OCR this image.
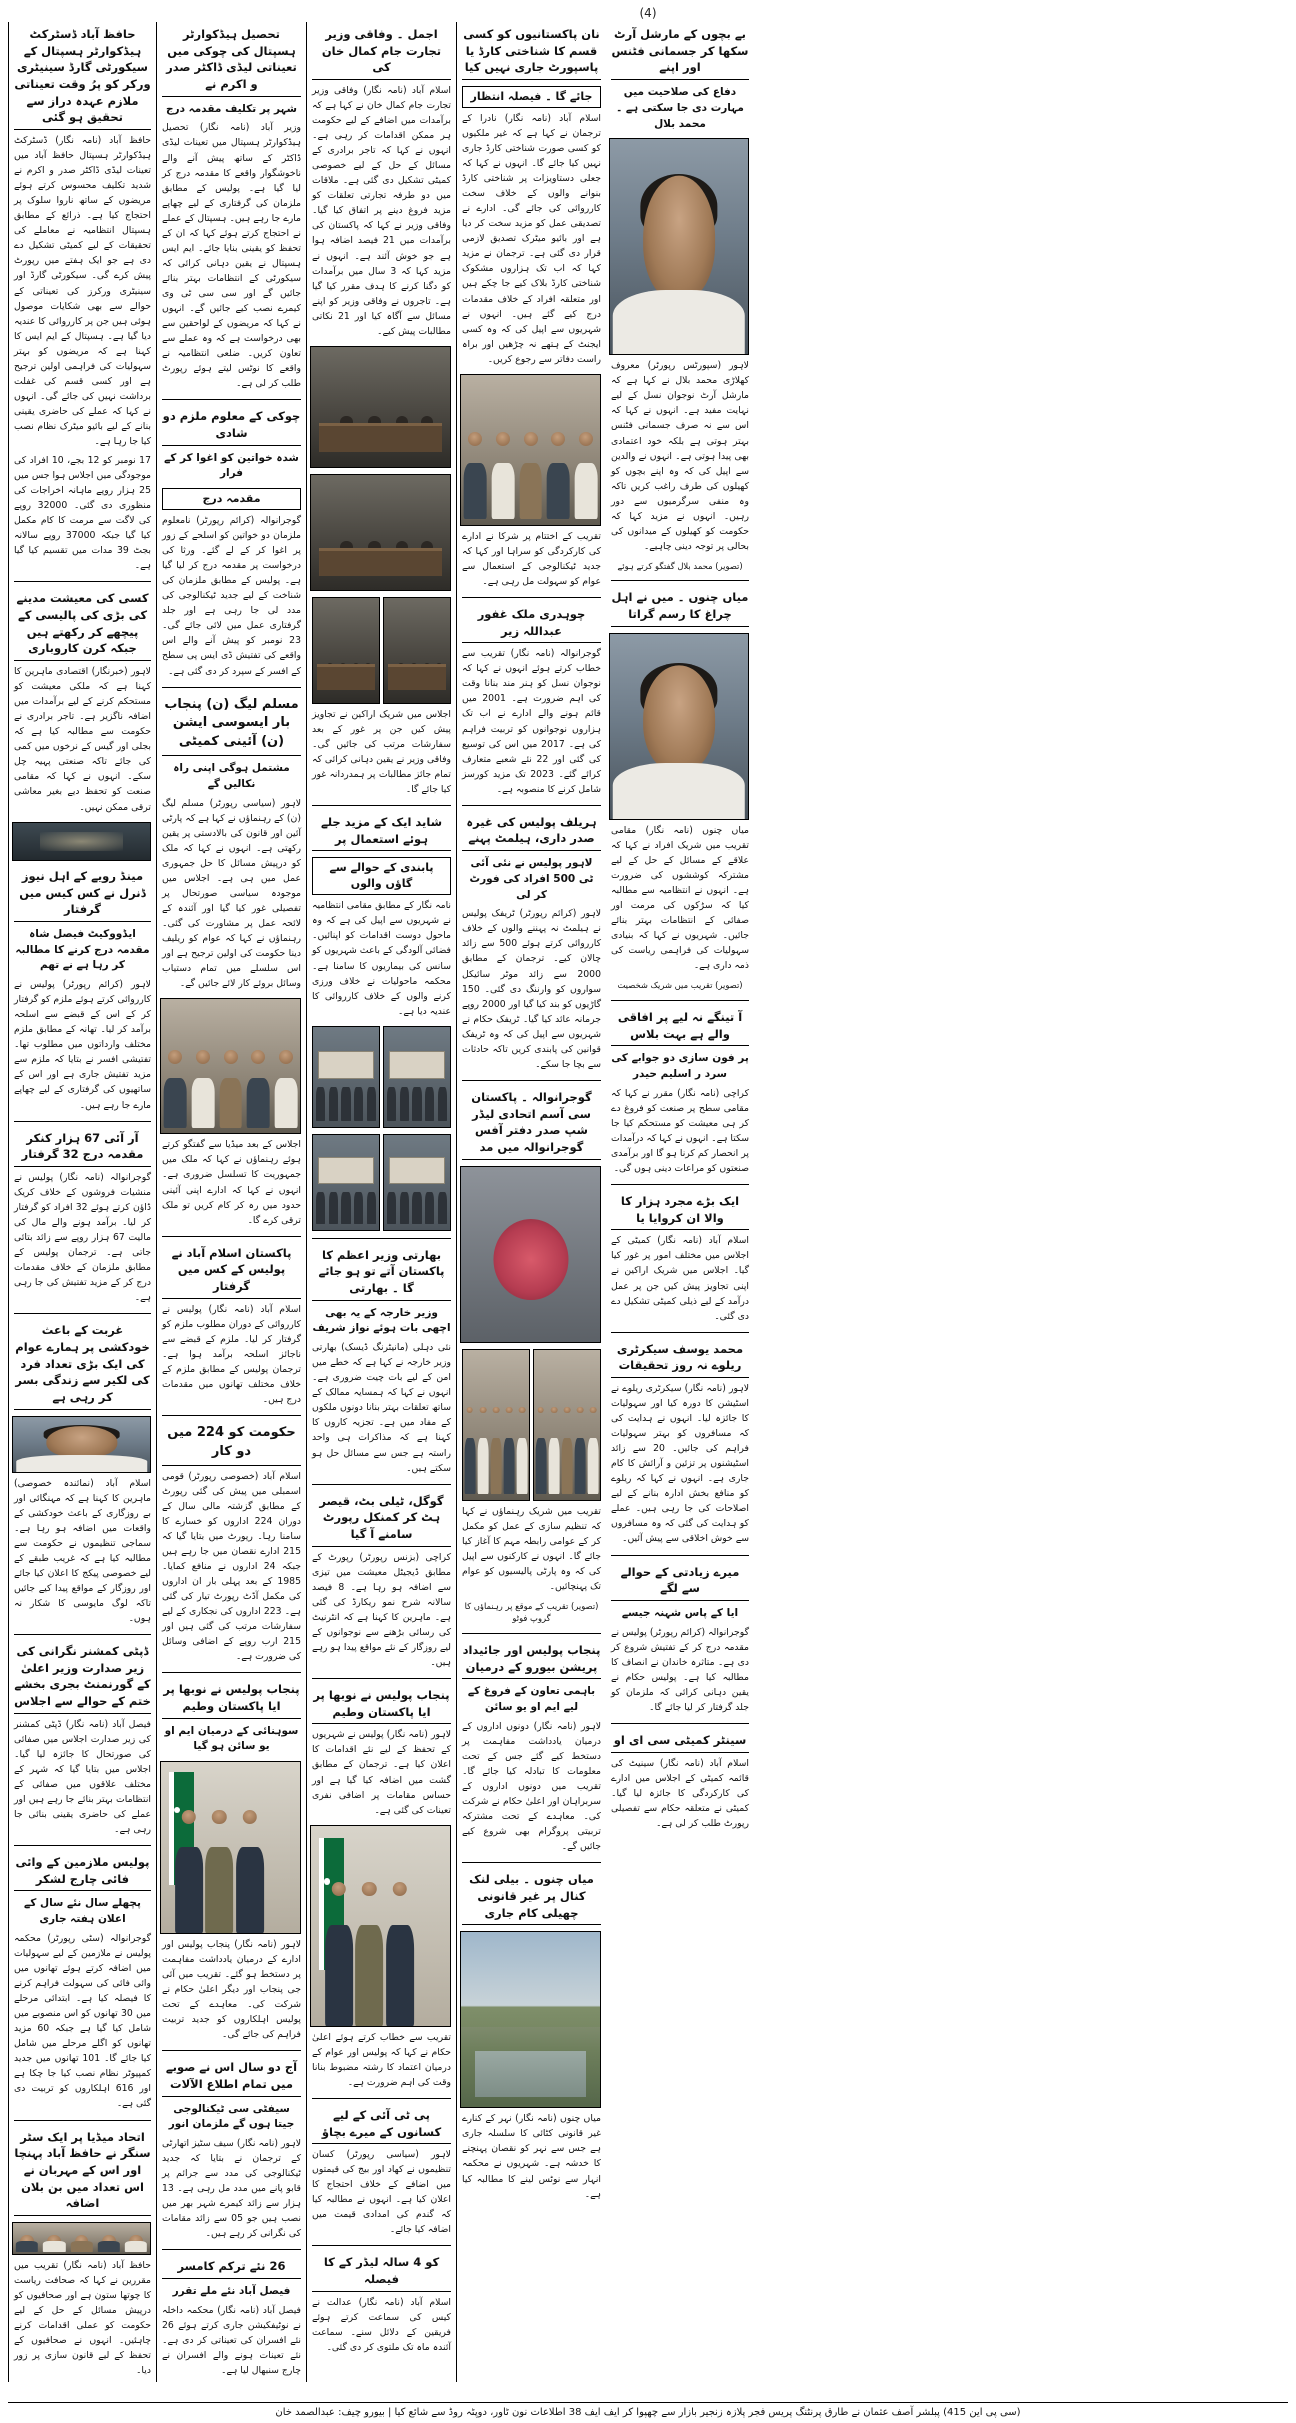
(4)
حافظ آباد ڈسٹرکٹ ہیڈکوارٹر ہسپتال کے سیکورٹی گارڈ سینیٹری ورکر کو پرُ وقت تعیناتی ملازم عہدہ دراز سے تحقیق ہو گئی

حافظ آباد (نامہ نگار) ڈسٹرکٹ ہیڈکوارٹر ہسپتال حافظ آباد میں تعینات لیڈی ڈاکٹر صدر و اکرم نے شدید تکلیف محسوس کرتے ہوئے مریضوں کے ساتھ ناروا سلوک پر احتجاج کیا ہے۔ ذرائع کے مطابق ہسپتال انتظامیہ نے معاملے کی تحقیقات کے لیے کمیٹی تشکیل دے دی ہے جو ایک ہفتے میں رپورٹ پیش کرے گی۔ سیکورٹی گارڈ اور سینیٹری ورکرز کی تعیناتی کے حوالے سے بھی شکایات موصول ہوئی ہیں جن پر کارروائی کا عندیہ دیا گیا ہے۔ ہسپتال کے ایم ایس کا کہنا ہے کہ مریضوں کو بہتر سہولیات کی فراہمی اولین ترجیح ہے اور کسی قسم کی غفلت برداشت نہیں کی جائے گی۔ انہوں نے کہا کہ عملے کی حاضری یقینی بنانے کے لیے بائیو میٹرک نظام نصب کیا جا رہا ہے۔

17 نومبر کو 12 بجے، 10 افراد کی موجودگی میں اجلاس ہوا جس میں 25 ہزار روپے ماہانہ اخراجات کی منظوری دی گئی۔ 32000 روپے کی لاگت سے مرمت کا کام مکمل کیا گیا جبکہ 37000 روپے سالانہ بجٹ 39 مدات میں تقسیم کیا گیا ہے۔

کسی کی معیشت مدینے کی بڑی کی پالیسی کے پیچھے کر رکھتے ہیں جبکہ کرن کاروباری

لاہور (خبرنگار) اقتصادی ماہرین کا کہنا ہے کہ ملکی معیشت کو مستحکم کرنے کے لیے برآمدات میں اضافہ ناگزیر ہے۔ تاجر برادری نے حکومت سے مطالبہ کیا ہے کہ بجلی اور گیس کے نرخوں میں کمی کی جائے تاکہ صنعتی پہیہ چل سکے۔ انہوں نے کہا کہ مقامی صنعت کو تحفظ دیے بغیر معاشی ترقی ممکن نہیں۔

مینڈ رویے کے اہل نیوز ڈنرل نے کس کیس میں گرفتار
ایڈووکیٹ فیصل شاہ مقدمہ درج کرنے کا مطالبہ کر رہا ہے نے تھم

لاہور (کرائم رپورٹر) پولیس نے کارروائی کرتے ہوئے ملزم کو گرفتار کر کے اس کے قبضے سے اسلحہ برآمد کر لیا۔ تھانہ کے مطابق ملزم مختلف وارداتوں میں مطلوب تھا۔ تفتیشی افسر نے بتایا کہ ملزم سے مزید تفتیش جاری ہے اور اس کے ساتھیوں کی گرفتاری کے لیے چھاپے مارے جا رہے ہیں۔

آر آئی 67 ہزار کنکر مقدمہ درج 32 گرفتار

گوجرانوالہ (نامہ نگار) پولیس نے منشیات فروشوں کے خلاف کریک ڈاؤن کرتے ہوئے 32 افراد کو گرفتار کر لیا۔ برآمد ہونے والے مال کی مالیت 67 ہزار روپے سے زائد بتائی جاتی ہے۔ ترجمان پولیس کے مطابق ملزمان کے خلاف مقدمات درج کر کے مزید تفتیش کی جا رہی ہے۔

غربت کے باعث خودکشی پر ہمارے عوام کی ایک بڑی تعداد فرد کی لکیر سے زندگی بسر کر رہی ہے

اسلام آباد (نمائندہ خصوصی) ماہرین کا کہنا ہے کہ مہنگائی اور بے روزگاری کے باعث خودکشی کے واقعات میں اضافہ ہو رہا ہے۔ سماجی تنظیموں نے حکومت سے مطالبہ کیا ہے کہ غریب طبقے کے لیے خصوصی پیکج کا اعلان کیا جائے اور روزگار کے مواقع پیدا کیے جائیں تاکہ لوگ مایوسی کا شکار نہ ہوں۔

ڈپٹی کمشنر نگرانی کی زیر صدارت وزیر اعلیٰ کے گورنمنٹ بجری بخشے ختم کے حوالے سے اجلاس

فیصل آباد (نامہ نگار) ڈپٹی کمشنر کی زیر صدارت اجلاس میں صفائی کی صورتحال کا جائزہ لیا گیا۔ اجلاس میں بتایا گیا کہ شہر کے مختلف علاقوں میں صفائی کے انتظامات بہتر بنائے جا رہے ہیں اور عملے کی حاضری یقینی بنائی جا رہی ہے۔

پولیس ملازمین کے وائی فائی چارج لشکر
پچھلے سال نئے سال کے اعلان ہفتہ جاری

گوجرانوالہ (سٹی رپورٹر) محکمہ پولیس نے ملازمین کے لیے سہولیات میں اضافہ کرتے ہوئے تھانوں میں وائی فائی کی سہولت فراہم کرنے کا فیصلہ کیا ہے۔ ابتدائی مرحلے میں 30 تھانوں کو اس منصوبے میں شامل کیا گیا ہے جبکہ 60 مزید تھانوں کو اگلے مرحلے میں شامل کیا جائے گا۔ 101 تھانوں میں جدید کمپیوٹر نظام نصب کیا جا چکا ہے اور 616 اہلکاروں کو تربیت دی گئی ہے۔

اتحاد میڈیا پر ایک سٹر سنگر نے حافظ آباد پہنچا اور اس کے مہربان نے اس تعداد میں بن بلان اضافہ

حافظ آباد (نامہ نگار) تقریب میں مقررین نے کہا کہ صحافت ریاست کا چوتھا ستون ہے اور صحافیوں کو درپیش مسائل کے حل کے لیے حکومت کو عملی اقدامات کرنے چاہئیں۔ انہوں نے صحافیوں کے تحفظ کے لیے قانون سازی پر زور دیا۔

تحصیل ہیڈکوارٹر ہسپتال کی چوکی میں تعیناتی لیڈی ڈاکٹر صدر و اکرم نے
شہر پر تکلیف مقدمہ درج

وزیر آباد (نامہ نگار) تحصیل ہیڈکوارٹر ہسپتال میں تعینات لیڈی ڈاکٹر کے ساتھ پیش آنے والے ناخوشگوار واقعے کا مقدمہ درج کر لیا گیا ہے۔ پولیس کے مطابق ملزمان کی گرفتاری کے لیے چھاپے مارے جا رہے ہیں۔ ہسپتال کے عملے نے احتجاج کرتے ہوئے کہا کہ ان کے تحفظ کو یقینی بنایا جائے۔ ایم ایس ہسپتال نے یقین دہانی کرائی کہ سیکورٹی کے انتظامات بہتر بنائے جائیں گے اور سی سی ٹی وی کیمرے نصب کیے جائیں گے۔ انہوں نے کہا کہ مریضوں کے لواحقین سے بھی درخواست ہے کہ وہ عملے سے تعاون کریں۔ ضلعی انتظامیہ نے واقعے کا نوٹس لیتے ہوئے رپورٹ طلب کر لی ہے۔

چوکی کے معلوم ملزم دو شادی
شدہ خواتین کو اغوا کر کے فرار
مقدمہ درج

گوجرانوالہ (کرائم رپورٹر) نامعلوم ملزمان دو خواتین کو اسلحے کے زور پر اغوا کر کے لے گئے۔ ورثا کی درخواست پر مقدمہ درج کر لیا گیا ہے۔ پولیس کے مطابق ملزمان کی شناخت کے لیے جدید ٹیکنالوجی کی مدد لی جا رہی ہے اور جلد گرفتاری عمل میں لائی جائے گی۔ 23 نومبر کو پیش آنے والے اس واقعے کی تفتیش ڈی ایس پی سطح کے افسر کے سپرد کر دی گئی ہے۔

مسلم لیگ (ن) پنجاب بار ایسوسی ایشن (ن) آئینی کمیٹی
مشتمل ہوگی اپنی راہ نکالیں گے

لاہور (سیاسی رپورٹر) مسلم لیگ (ن) کے رہنماؤں نے کہا ہے کہ پارٹی آئین اور قانون کی بالادستی پر یقین رکھتی ہے۔ انہوں نے کہا کہ ملک کو درپیش مسائل کا حل جمہوری عمل میں ہی ہے۔ اجلاس میں موجودہ سیاسی صورتحال پر تفصیلی غور کیا گیا اور آئندہ کے لائحہ عمل پر مشاورت کی گئی۔ رہنماؤں نے کہا کہ عوام کو ریلیف دینا حکومت کی اولین ترجیح ہے اور اس سلسلے میں تمام دستیاب وسائل بروئے کار لائے جائیں گے۔

اجلاس کے بعد میڈیا سے گفتگو کرتے ہوئے رہنماؤں نے کہا کہ ملک میں جمہوریت کا تسلسل ضروری ہے۔ انہوں نے کہا کہ ادارے اپنی آئینی حدود میں رہ کر کام کریں تو ملک ترقی کرے گا۔

پاکستان اسلام آباد نے پولیس کے کس میں گرفتار

اسلام آباد (نامہ نگار) پولیس نے کارروائی کے دوران مطلوب ملزم کو گرفتار کر لیا۔ ملزم کے قبضے سے ناجائز اسلحہ برآمد ہوا ہے۔ ترجمان پولیس کے مطابق ملزم کے خلاف مختلف تھانوں میں مقدمات درج ہیں۔

حکومت کو 224 میں دو کار

اسلام آباد (خصوصی رپورٹر) قومی اسمبلی میں پیش کی گئی رپورٹ کے مطابق گزشتہ مالی سال کے دوران 224 اداروں کو خسارے کا سامنا رہا۔ رپورٹ میں بتایا گیا کہ 215 ادارے نقصان میں جا رہے ہیں جبکہ 24 اداروں نے منافع کمایا۔ 1985 کے بعد پہلی بار ان اداروں کی مکمل آڈٹ رپورٹ تیار کی گئی ہے۔ 223 اداروں کی نجکاری کے لیے سفارشات مرتب کی گئی ہیں اور 215 ارب روپے کے اضافی وسائل کی ضرورت ہے۔

پنجاب پولیس نے نوبھا پر ایا پاکستان وطیم
سوہنائی کے درمیان ایم او یو سائن ہو گیا

لاہور (نامہ نگار) پنجاب پولیس اور ادارے کے درمیان یادداشت مفاہمت پر دستخط ہو گئے۔ تقریب میں آئی جی پنجاب اور دیگر اعلیٰ حکام نے شرکت کی۔ معاہدے کے تحت پولیس اہلکاروں کو جدید تربیت فراہم کی جائے گی۔

آج دو سال اس نے صوبے میں تمام اطلاع الآلات
سیفٹی سی ٹیکنالوجی جیتا ہوں گے ملزمان انور

لاہور (نامہ نگار) سیف سٹیز اتھارٹی کے ترجمان نے بتایا کہ جدید ٹیکنالوجی کی مدد سے جرائم پر قابو پانے میں مدد مل رہی ہے۔ 13 ہزار سے زائد کیمرے شہر بھر میں نصب ہیں جو 05 سے زائد مقامات کی نگرانی کر رہے ہیں۔

26 نئے ترکم کامسر
فیصل آباد نئے ملے تقرر

فیصل آباد (نامہ نگار) محکمہ داخلہ نے نوٹیفکیشن جاری کرتے ہوئے 26 نئے افسران کی تعیناتی کر دی ہے۔ نئے تعینات ہونے والے افسران نے چارج سنبھال لیا ہے۔

اجمل ۔ وفاقی وزیر تجارت جام کمال خان کی

اسلام آباد (نامہ نگار) وفاقی وزیر تجارت جام کمال خان نے کہا ہے کہ برآمدات میں اضافے کے لیے حکومت ہر ممکن اقدامات کر رہی ہے۔ انہوں نے کہا کہ تاجر برادری کے مسائل کے حل کے لیے خصوصی کمیٹی تشکیل دی گئی ہے۔ ملاقات میں دو طرفہ تجارتی تعلقات کو مزید فروغ دینے پر اتفاق کیا گیا۔ وفاقی وزیر نے کہا کہ پاکستان کی برآمدات میں 21 فیصد اضافہ ہوا ہے جو خوش آئند ہے۔ انہوں نے مزید کہا کہ 3 سال میں برآمدات کو دگنا کرنے کا ہدف مقرر کیا گیا ہے۔ تاجروں نے وفاقی وزیر کو اپنے مسائل سے آگاہ کیا اور 21 نکاتی مطالبات پیش کیے۔

اجلاس میں شریک اراکین نے تجاویز پیش کیں جن پر غور کے بعد سفارشات مرتب کی جائیں گی۔ وفاقی وزیر نے یقین دہانی کرائی کہ تمام جائز مطالبات پر ہمدردانہ غور کیا جائے گا۔

شاید ایک کے مزید جلے ہوئے استعمال پر
پابندی کے حوالے سے گاؤں والوں

نامہ نگار کے مطابق مقامی انتظامیہ نے شہریوں سے اپیل کی ہے کہ وہ ماحول دوست اقدامات کو اپنائیں۔ فضائی آلودگی کے باعث شہریوں کو سانس کی بیماریوں کا سامنا ہے۔ محکمہ ماحولیات نے خلاف ورزی کرنے والوں کے خلاف کارروائی کا عندیہ دیا ہے۔

بھارتی وزیر اعظم کا پاکستان آتے تو ہو جائے گا ۔ بھارتی
وزیر خارجہ کے یہ بھی اچھی بات ہوئے نواز شریف

نئی دہلی (مانیٹرنگ ڈیسک) بھارتی وزیر خارجہ نے کہا ہے کہ خطے میں امن کے لیے بات چیت ضروری ہے۔ انہوں نے کہا کہ ہمسایہ ممالک کے ساتھ تعلقات بہتر بنانا دونوں ملکوں کے مفاد میں ہے۔ تجزیہ کاروں کا کہنا ہے کہ مذاکرات ہی واحد راستہ ہے جس سے مسائل حل ہو سکتے ہیں۔

گوگل، ٹیلی بٹ، قیصر ہٹ کر کمنکل رپورٹ سامنے آ گیا

کراچی (بزنس رپورٹر) رپورٹ کے مطابق ڈیجیٹل معیشت میں تیزی سے اضافہ ہو رہا ہے۔ 8 فیصد سالانہ شرح نمو ریکارڈ کی گئی ہے۔ ماہرین کا کہنا ہے کہ انٹرنیٹ کی رسائی بڑھنے سے نوجوانوں کے لیے روزگار کے نئے مواقع پیدا ہو رہے ہیں۔

پنجاب پولیس نے نوبھا پر ایا پاکستان وطیم

لاہور (نامہ نگار) پولیس نے شہریوں کے تحفظ کے لیے نئے اقدامات کا اعلان کیا ہے۔ ترجمان کے مطابق گشت میں اضافہ کیا گیا ہے اور حساس مقامات پر اضافی نفری تعینات کی گئی ہے۔

تقریب سے خطاب کرتے ہوئے اعلیٰ حکام نے کہا کہ پولیس اور عوام کے درمیان اعتماد کا رشتہ مضبوط بنانا وقت کی اہم ضرورت ہے۔

پی ٹی آئی کے لیے کسانوں کے میرے بچاؤ

لاہور (سیاسی رپورٹر) کسان تنظیموں نے کھاد اور بیج کی قیمتوں میں اضافے کے خلاف احتجاج کا اعلان کیا ہے۔ انہوں نے مطالبہ کیا کہ گندم کی امدادی قیمت میں اضافہ کیا جائے۔

کو 4 سالہ لیڈر کے کا فیصلہ

اسلام آباد (نامہ نگار) عدالت نے کیس کی سماعت کرتے ہوئے فریقین کے دلائل سنے۔ سماعت آئندہ ماہ تک ملتوی کر دی گئی۔

نان پاکستانیوں کو کسی قسم کا شناختی کارڈ یا پاسپورٹ جاری نہیں کیا
جائے گا ۔ فیصلہ انتظار

اسلام آباد (نامہ نگار) نادرا کے ترجمان نے کہا ہے کہ غیر ملکیوں کو کسی صورت شناختی کارڈ جاری نہیں کیا جائے گا۔ انہوں نے کہا کہ جعلی دستاویزات پر شناختی کارڈ بنوانے والوں کے خلاف سخت کارروائی کی جائے گی۔ ادارے نے تصدیقی عمل کو مزید سخت کر دیا ہے اور بائیو میٹرک تصدیق لازمی قرار دی گئی ہے۔ ترجمان نے مزید کہا کہ اب تک ہزاروں مشکوک شناختی کارڈ بلاک کیے جا چکے ہیں اور متعلقہ افراد کے خلاف مقدمات درج کیے گئے ہیں۔ انہوں نے شہریوں سے اپیل کی کہ وہ کسی ایجنٹ کے ہتھے نہ چڑھیں اور براہ راست دفاتر سے رجوع کریں۔

تقریب کے اختتام پر شرکا نے ادارے کی کارکردگی کو سراہا اور کہا کہ جدید ٹیکنالوجی کے استعمال سے عوام کو سہولت مل رہی ہے۔

چوہدری ملک غفور عبداللہ زیر

گوجرانوالہ (نامہ نگار) تقریب سے خطاب کرتے ہوئے انہوں نے کہا کہ نوجوان نسل کو ہنر مند بنانا وقت کی اہم ضرورت ہے۔ 2001 میں قائم ہونے والے ادارے نے اب تک ہزاروں نوجوانوں کو تربیت فراہم کی ہے۔ 2017 میں اس کی توسیع کی گئی اور 22 نئے شعبے متعارف کرائے گئے۔ 2023 تک مزید کورسز شامل کرنے کا منصوبہ ہے۔

ہریلف پولیس کی غیرہ صدر داری، ہیلمٹ پہنے
لاہور پولیس نے نئی آئی ٹی 500 افراد کی فورٹ کر لی

لاہور (کرائم رپورٹر) ٹریفک پولیس نے ہیلمٹ نہ پہننے والوں کے خلاف کارروائی کرتے ہوئے 500 سے زائد چالان کیے۔ ترجمان کے مطابق 2000 سے زائد موٹر سائیکل سواروں کو وارننگ دی گئی۔ 150 گاڑیوں کو بند کیا گیا اور 2000 روپے جرمانہ عائد کیا گیا۔ ٹریفک حکام نے شہریوں سے اپیل کی کہ وہ ٹریفک قوانین کی پابندی کریں تاکہ حادثات سے بچا جا سکے۔

گوجرانوالہ ۔ پاکستان سی آسم اتحادی لیڈر شپ صدر دفتر آفس گوجرانوالہ میں مد

تقریب میں شریک رہنماؤں نے کہا کہ تنظیم سازی کے عمل کو مکمل کر کے عوامی رابطہ مہم کا آغاز کیا جائے گا۔ انہوں نے کارکنوں سے اپیل کی کہ وہ پارٹی پالیسیوں کو عوام تک پہنچائیں۔

(تصویر) تقریب کے موقع پر رہنماؤں کا گروپ فوٹو
پنجاب پولیس اور جائیداد پریشن بیورو کے درمیان
باہمی تعاون کے فروغ کے لیے ایم او یو سائن

لاہور (نامہ نگار) دونوں اداروں کے درمیان یادداشت مفاہمت پر دستخط کیے گئے جس کے تحت معلومات کا تبادلہ کیا جائے گا۔ تقریب میں دونوں اداروں کے سربراہان اور اعلیٰ حکام نے شرکت کی۔ معاہدے کے تحت مشترکہ تربیتی پروگرام بھی شروع کیے جائیں گے۔

میاں چنوں ۔ بیلی لنک کنال پر غیر قانونی چھیلی کام جاری

میاں چنوں (نامہ نگار) نہر کے کنارے غیر قانونی کٹائی کا سلسلہ جاری ہے جس سے نہر کو نقصان پہنچنے کا خدشہ ہے۔ شہریوں نے محکمہ انہار سے نوٹس لینے کا مطالبہ کیا ہے۔

بے بچوں کے مارشل آرٹ سکھا کر جسمانی فٹنس اور اپنے
دفاع کی صلاحیت میں مہارت دی جا سکتی ہے ۔ محمد بلال

لاہور (سپورٹس رپورٹر) معروف کھلاڑی محمد بلال نے کہا ہے کہ مارشل آرٹ نوجوان نسل کے لیے نہایت مفید ہے۔ انہوں نے کہا کہ اس سے نہ صرف جسمانی فٹنس بہتر ہوتی ہے بلکہ خود اعتمادی بھی پیدا ہوتی ہے۔ انہوں نے والدین سے اپیل کی کہ وہ اپنے بچوں کو کھیلوں کی طرف راغب کریں تاکہ وہ منفی سرگرمیوں سے دور رہیں۔ انہوں نے مزید کہا کہ حکومت کو کھیلوں کے میدانوں کی بحالی پر توجہ دینی چاہیے۔

(تصویر) محمد بلال گفتگو کرتے ہوئے
میاں چنوں ۔ میں نے اہل چراغ کا رسم گراتا

میاں چنوں (نامہ نگار) مقامی تقریب میں شریک افراد نے کہا کہ علاقے کے مسائل کے حل کے لیے مشترکہ کوششوں کی ضرورت ہے۔ انہوں نے انتظامیہ سے مطالبہ کیا کہ سڑکوں کی مرمت اور صفائی کے انتظامات بہتر بنائے جائیں۔ شہریوں نے کہا کہ بنیادی سہولیات کی فراہمی ریاست کی ذمہ داری ہے۔

(تصویر) تقریب میں شریک شخصیت
آ تینگے نہ لیے پر افاقی والے ہے بہت بلاس
پر فون سازی دو جوابے کی سرد ر اسلیم حیدر

کراچی (نامہ نگار) مقرر نے کہا کہ مقامی سطح پر صنعت کو فروغ دے کر ہی معیشت کو مستحکم کیا جا سکتا ہے۔ انہوں نے کہا کہ درآمدات پر انحصار کم کرنا ہو گا اور برآمدی صنعتوں کو مراعات دینی ہوں گی۔

ایک بڑے مجرد ہزار کا والا ان کروایا یا

اسلام آباد (نامہ نگار) کمیٹی کے اجلاس میں مختلف امور پر غور کیا گیا۔ اجلاس میں شریک اراکین نے اپنی تجاویز پیش کیں جن پر عمل درآمد کے لیے ذیلی کمیٹی تشکیل دے دی گئی۔

محمد یوسف سیکرٹری ریلوے نہ روز تحقیقات

لاہور (نامہ نگار) سیکرٹری ریلوے نے اسٹیشن کا دورہ کیا اور سہولیات کا جائزہ لیا۔ انہوں نے ہدایت کی کہ مسافروں کو بہتر سہولیات فراہم کی جائیں۔ 20 سے زائد اسٹیشنوں پر تزئین و آرائش کا کام جاری ہے۔ انہوں نے کہا کہ ریلوے کو منافع بخش ادارہ بنانے کے لیے اصلاحات کی جا رہی ہیں۔ عملے کو ہدایت کی گئی کہ وہ مسافروں سے خوش اخلاقی سے پیش آئیں۔

میرے زیادتی کے حوالے سے لگے
ایا کے پاس شہنہ جیسے

گوجرانوالہ (کرائم رپورٹر) پولیس نے مقدمہ درج کر کے تفتیش شروع کر دی ہے۔ متاثرہ خاندان نے انصاف کا مطالبہ کیا ہے۔ پولیس حکام نے یقین دہانی کرائی کہ ملزمان کو جلد گرفتار کر لیا جائے گا۔

سینٹر کمیٹی سی ای او

اسلام آباد (نامہ نگار) سینیٹ کی قائمہ کمیٹی کے اجلاس میں ادارے کی کارکردگی کا جائزہ لیا گیا۔ کمیٹی نے متعلقہ حکام سے تفصیلی رپورٹ طلب کر لی ہے۔

(سی پی این 415) پبلشر آصف عثمان نے طارق پرنٹنگ پریس فجر پلازہ زنجیر بازار سے چھپوا کر ایف ایف 38 اطلاعات نون ٹاور، دوپٹہ روڈ سے شائع کیا | بیورو چیف: عبدالصمد خان
